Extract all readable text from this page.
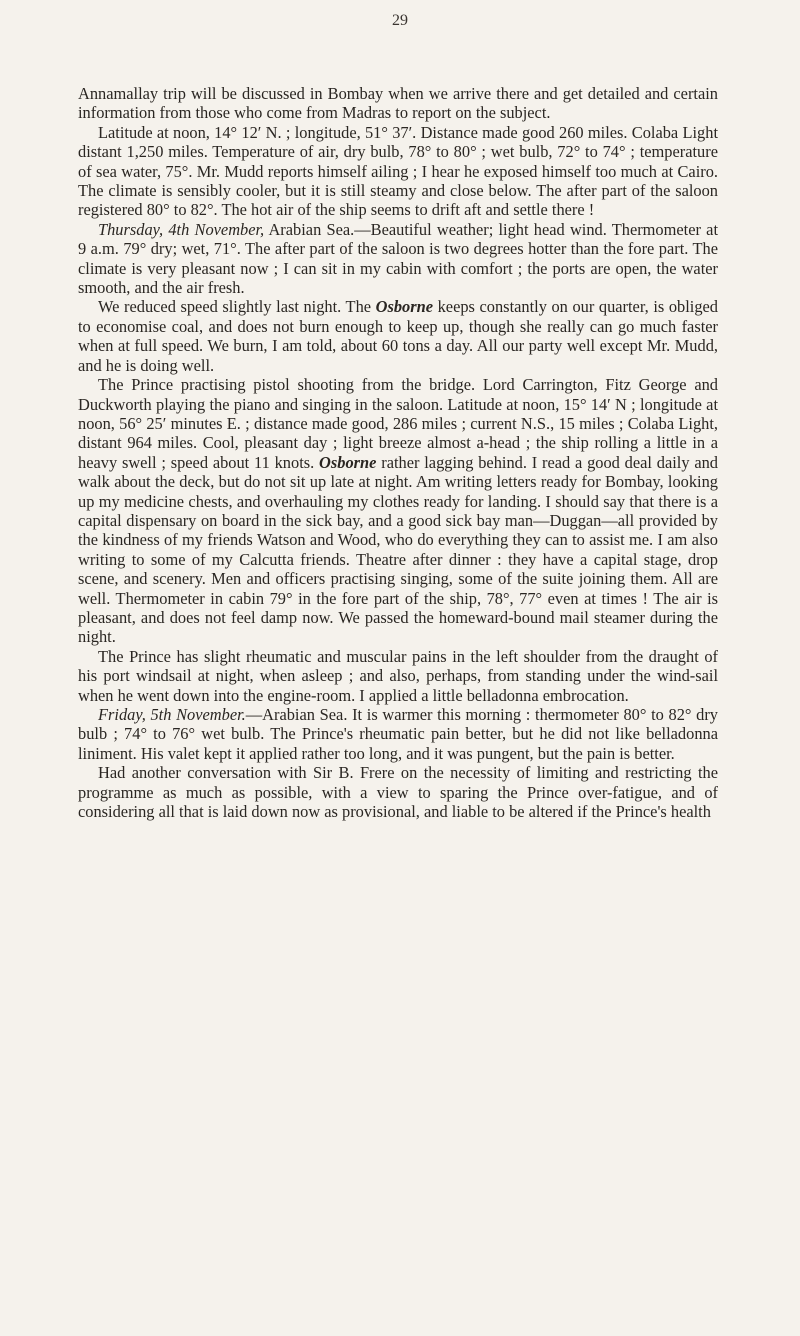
29

Annamallay trip will be discussed in Bombay when we arrive there and get detailed and certain information from those who come from Madras to report on the subject.

Latitude at noon, 14° 12′ N. ; longitude, 51° 37′. Distance made good 260 miles. Colaba Light distant 1,250 miles. Temperature of air, dry bulb, 78° to 80° ; wet bulb, 72° to 74° ; temperature of sea water, 75°. Mr. Mudd reports himself ailing ; I hear he exposed himself too much at Cairo. The climate is sensibly cooler, but it is still steamy and close below. The after part of the saloon registered 80° to 82°. The hot air of the ship seems to drift aft and settle there !

Thursday, 4th November, Arabian Sea.—Beautiful weather; light head wind. Thermometer at 9 a.m. 79° dry; wet, 71°. The after part of the saloon is two degrees hotter than the fore part. The climate is very pleasant now ; I can sit in my cabin with comfort ; the ports are open, the water smooth, and the air fresh.

We reduced speed slightly last night. The Osborne keeps constantly on our quarter, is obliged to economise coal, and does not burn enough to keep up, though she really can go much faster when at full speed. We burn, I am told, about 60 tons a day. All our party well except Mr. Mudd, and he is doing well.

The Prince practising pistol shooting from the bridge. Lord Carrington, Fitz George and Duckworth playing the piano and singing in the saloon. Latitude at noon, 15° 14′ N ; longitude at noon, 56° 25′ minutes E. ; distance made good, 286 miles ; current N.S., 15 miles ; Colaba Light, distant 964 miles. Cool, pleasant day ; light breeze almost a-head ; the ship rolling a little in a heavy swell ; speed about 11 knots. Osborne rather lagging behind. I read a good deal daily and walk about the deck, but do not sit up late at night. Am writing letters ready for Bombay, looking up my medicine chests, and overhauling my clothes ready for landing. I should say that there is a capital dispensary on board in the sick bay, and a good sick bay man—Duggan—all provided by the kindness of my friends Watson and Wood, who do everything they can to assist me. I am also writing to some of my Calcutta friends. Theatre after dinner : they have a capital stage, drop scene, and scenery. Men and officers practising singing, some of the suite joining them. All are well. Thermometer in cabin 79° in the fore part of the ship, 78°, 77° even at times ! The air is pleasant, and does not feel damp now. We passed the homeward-bound mail steamer during the night.

The Prince has slight rheumatic and muscular pains in the left shoulder from the draught of his port windsail at night, when asleep ; and also, perhaps, from standing under the wind-sail when he went down into the engine-room. I applied a little belladonna embrocation.

Friday, 5th November.—Arabian Sea. It is warmer this morning : thermometer 80° to 82° dry bulb ; 74° to 76° wet bulb. The Prince's rheumatic pain better, but he did not like belladonna liniment. His valet kept it applied rather too long, and it was pungent, but the pain is better.

Had another conversation with Sir B. Frere on the necessity of limiting and restricting the programme as much as possible, with a view to sparing the Prince over-fatigue, and of considering all that is laid down now as provisional, and liable to be altered if the Prince's health
